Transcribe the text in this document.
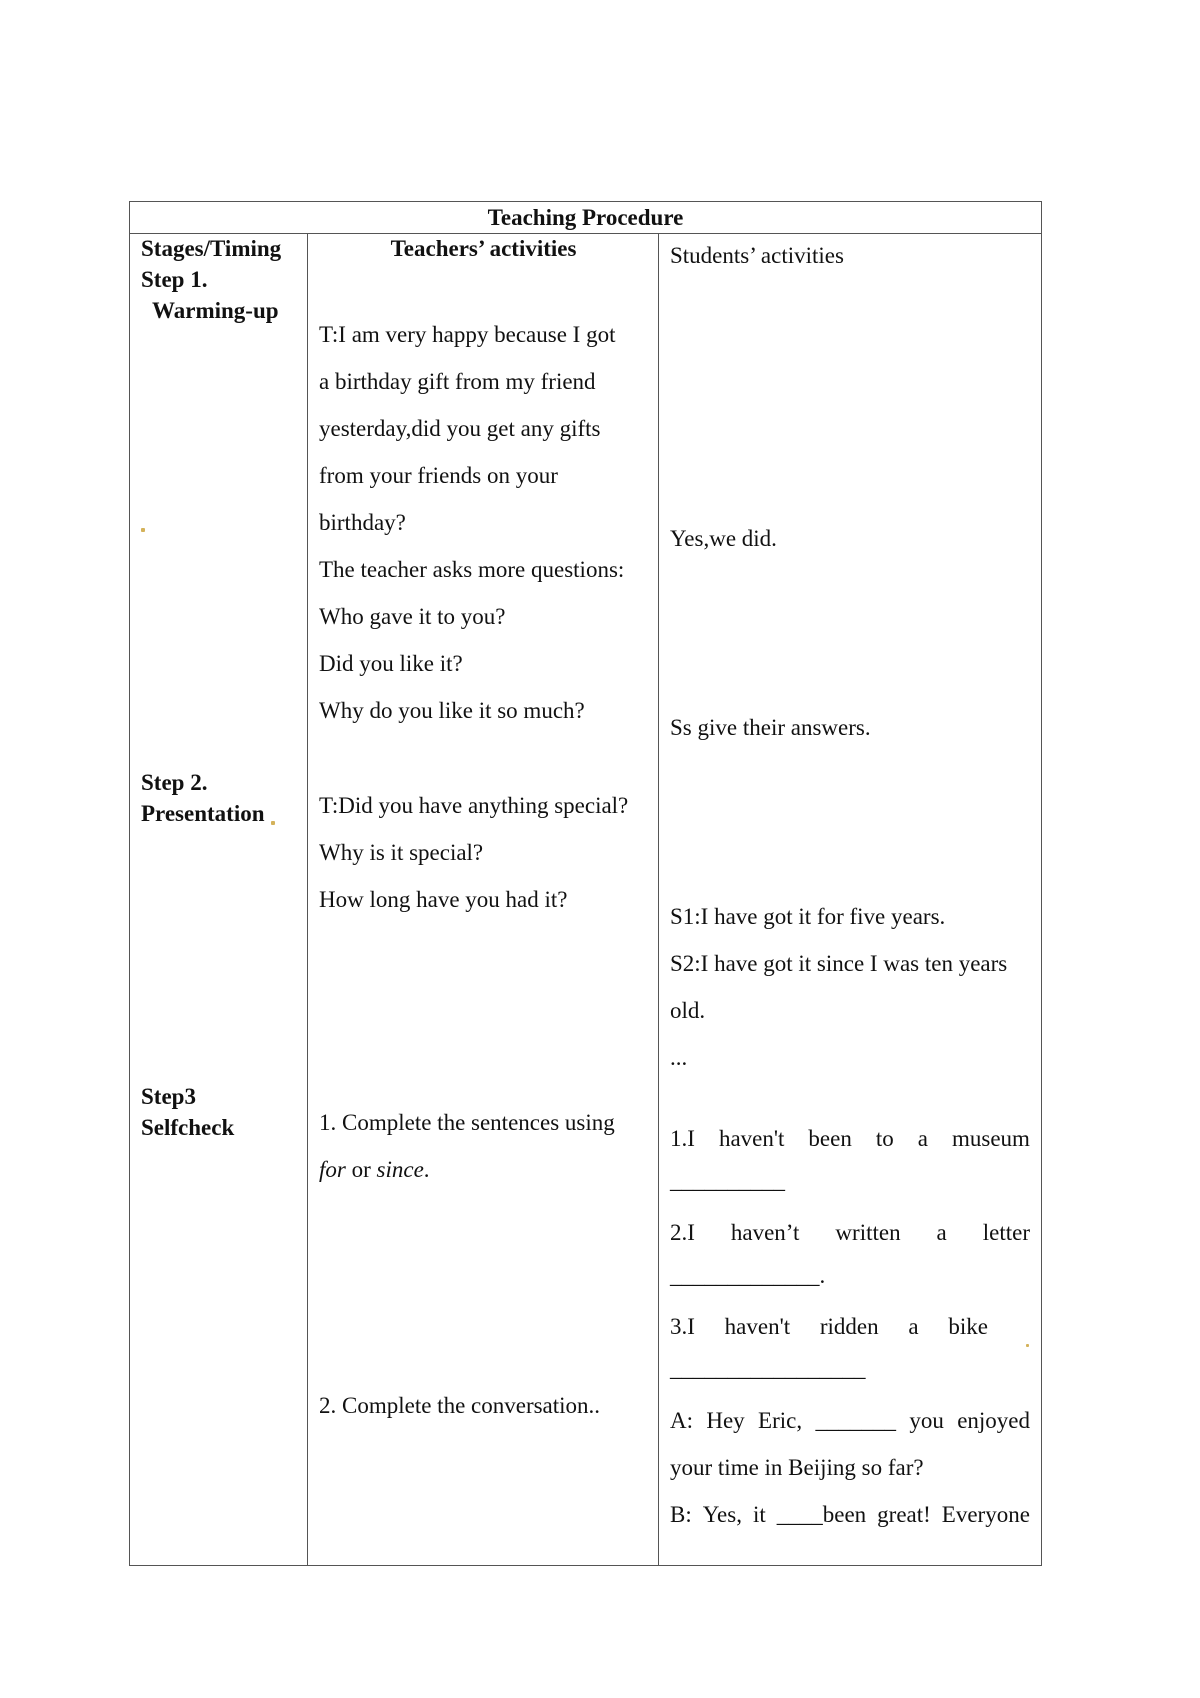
Teaching Procedure
Stages/Timing
Step 1.
Warming-up
Step 2.
Presentation
Step3
Selfcheck
Teachers’ activities
T:I am very happy because I got
a birthday gift from my friend
yesterday,did you get any gifts
from your friends on your
birthday?
The teacher asks more questions:
Who gave it to you?
Did you like it?
Why do you like it so much?
T:Did you have anything special?
Why is it special?
How long have you had it?
1. Complete the sentences using
for or since.
2. Complete the conversation..
Students’ activities
Yes,we did.
Ss give their answers.
S1:I have got it for five years.
S2:I have got it since I was ten years
old.
...
1.I haven't been to a museum
__________
2.I haven’t written a letter
_____________.
3.I haven't ridden a bike
_________________
A: Hey Eric, _______ you enjoyed
your time in Beijing so far?
B: Yes, it ____been great! Everyone
